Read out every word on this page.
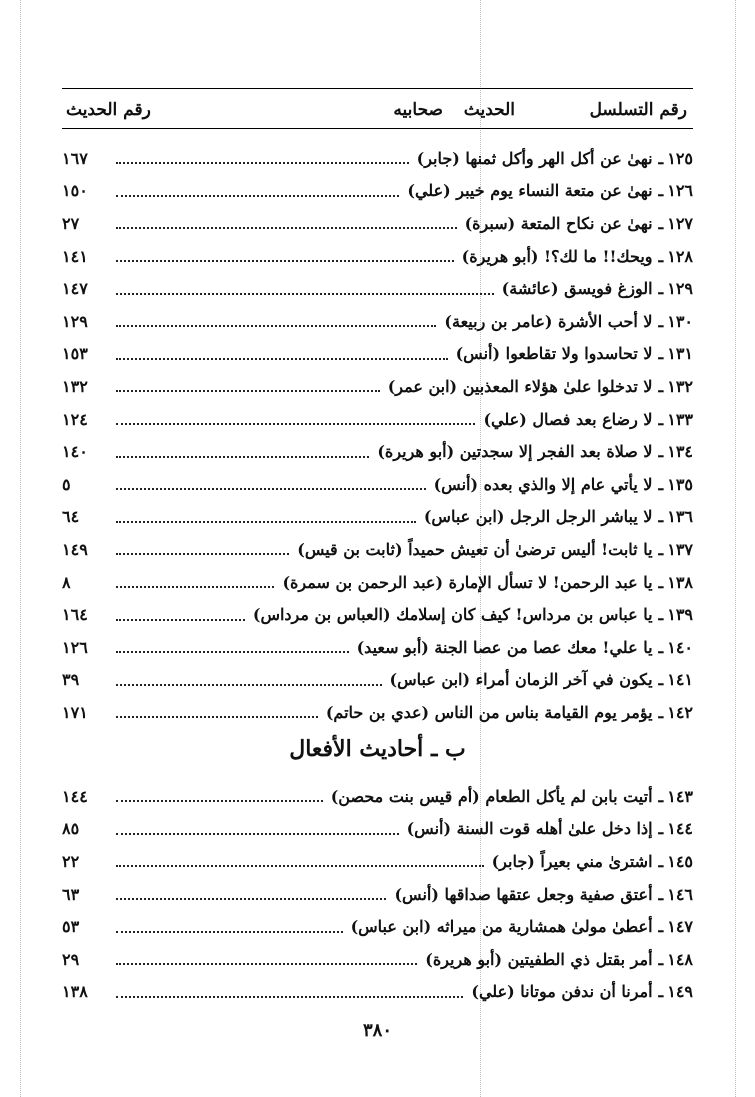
رقم التسلسل
الحديث
صحابيه
رقم الحديث
١٢٥
ـ
نهىٰ عن أكل الهر وأكل ثمنها (جابر)
١٦٧
١٢٦
ـ
نهىٰ عن متعة النساء يوم خيبر (علي)
١٥٠
١٢٧
ـ
نهىٰ عن نكاح المتعة (سبرة)
٢٧
١٢٨
ـ
ويحك!! ما لك؟! (أبو هريرة)
١٤١
١٢٩
ـ
الوزغ فويسق (عائشة)
١٤٧
١٣٠
ـ
لا أحب الأشرة (عامر بن ربيعة)
١٢٩
١٣١
ـ
لا تحاسدوا ولا تقاطعوا (أنس)
١٥٣
١٣٢
ـ
لا تدخلوا علىٰ هؤلاء المعذبين (ابن عمر)
١٣٢
١٣٣
ـ
لا رضاع بعد فصال (علي)
١٢٤
١٣٤
ـ
لا صلاة بعد الفجر إلا سجدتين (أبو هريرة)
١٤٠
١٣٥
ـ
لا يأتي عام إلا والذي بعده (أنس)
٥
١٣٦
ـ
لا يباشر الرجل الرجل (ابن عباس)
٦٤
١٣٧
ـ
يا ثابت! أليس ترضىٰ أن تعيش حميداً (ثابت بن قيس)
١٤٩
١٣٨
ـ
يا عبد الرحمن! لا تسأل الإمارة (عبد الرحمن بن سمرة)
٨
١٣٩
ـ
يا عباس بن مرداس! كيف كان إسلامك (العباس بن مرداس)
١٦٤
١٤٠
ـ
يا علي! معك عصا من عصا الجنة (أبو سعيد)
١٢٦
١٤١
ـ
يكون في آخر الزمان أمراء (ابن عباس)
٣٩
١٤٢
ـ
يؤمر يوم القيامة بناس من الناس (عدي بن حاتم)
١٧١
ب ـ أحاديث الأفعال
١٤٣
ـ
أتيت بابن لم يأكل الطعام (أم قيس بنت محصن)
١٤٤
١٤٤
ـ
إذا دخل علىٰ أهله قوت السنة (أنس)
٨٥
١٤٥
ـ
اشترىٰ مني بعيراً (جابر)
٢٢
١٤٦
ـ
أعتق صفية وجعل عتقها صداقها (أنس)
٦٣
١٤٧
ـ
أعطىٰ مولىٰ همشارية من ميراثه (ابن عباس)
٥٣
١٤٨
ـ
أمر بقتل ذي الطفيتين (أبو هريرة)
٢٩
١٤٩
ـ
أمرنا أن ندفن موتانا (علي)
١٣٨
٣٨٠
